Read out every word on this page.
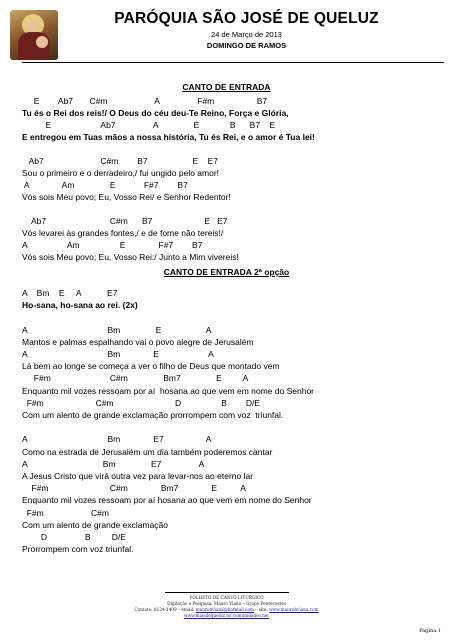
PARÓQUIA SÃO JOSÉ DE QUELUZ
24 de Março de 2013
DOMINGO DE RAMOS
CANTO DE ENTRADA
E        Ab7       C#m                    A                F#m                  B7
Tu és o Rei dos reis!/ O Deus do céu deu-Te Reino, Força e Glória,
E                     Ab7                A               E             B      B7    E
E entregou em Tuas mãos a nossa história, Tu és Rei, e o amor é Tua lei!
Ab7                        C#m        B7                   E    E7
Sou o primeiro e o derradeiro,/ fui ungido pelo amor!
A              Am               E            F#7        B7
Vós sois Meu povo; Eu, Vosso Rei/ e Senhor Redentor!
Ab7                           C#m      B7                      E   E7
Vós levarei às grandes fontes,/ e de fome não tereis!/
A                 Am                 E              F#7        B7
Vós sois Meu povo; Eu, Vosso Rei:/ Junto a Mim vivereis!
CANTO DE ENTRADA 2ª opção
A    Bm    E     A           E7
Ho-sana, ho-sana ao rei. (2x)
A                                  Bm               E                   A
Mantos e palmas espalhando vai o povo alegre de Jerusalém
A                                  Bm              E                     A
Lá bem ao longe se começa a ver o filho de Deus que montado vem
F#m                         C#m               Bm7               E         A
Enquanto mil vozes ressoam por aí  hosana ao que vem em nome do Senhor
F#m                      C#m                          D                 B        D/E
Com um alento de grande exclamação prorrompem com voz  triunfal.
A                                  Bm              E7                  A
Como na estrada de Jerusalém um dia também poderemos cantar
A                                Bm               E7                A
A Jesus Cristo que virá outra vez para levar-nos ao eterno lar
F#m                          C#m              Bm7              E          A
Enquanto mil vozes ressoam por aí hosana ao que vem em nome do Senhor
F#m                    C#m
Com um alento de grande exclamação
D                B         D/E
Prorrompem com voz triunfal.
FOLHETO DE CANTO LITÚRGICO
Digitação e Pesquisa: Mauro Viana – Grupo Pentecostes
Contato: 8124-1409 – email: maurobviana@hotmail.com – site: www.maurobviana.com
www.maisdoqueluz.no.comunidades.net
Página 1
